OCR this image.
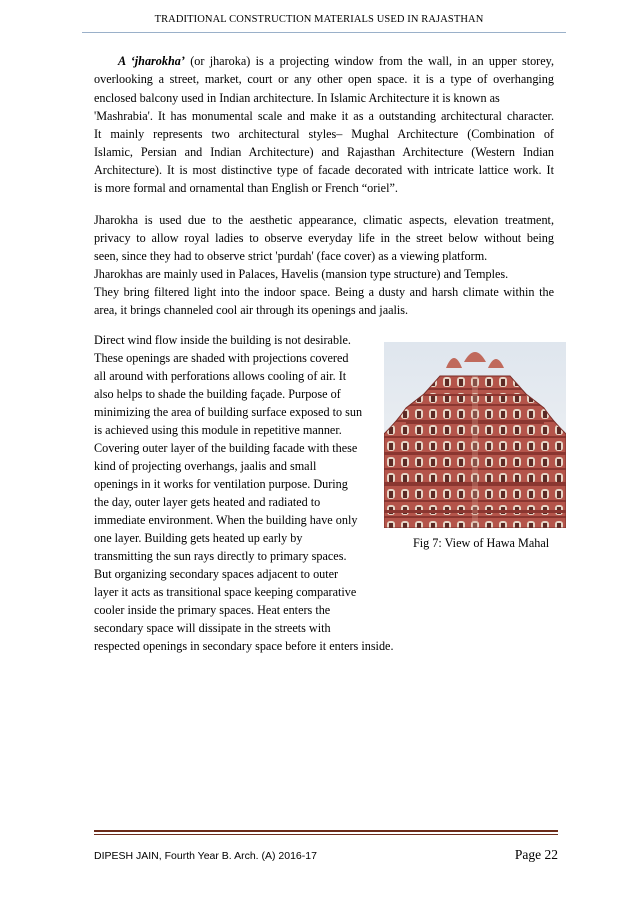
TRADITIONAL CONSTRUCTION MATERIALS USED IN RAJASTHAN
A ‘jharokha’ (or jharoka) is a projecting window from the wall, in an upper storey,
overlooking a street, market, court or any other open space. it is a type of overhanging
enclosed balcony used in Indian architecture. In Islamic Architecture it is known as
'Mashrabia'. It has monumental scale and make it as a outstanding architectural character.
It mainly represents two architectural styles– Mughal Architecture (Combination of
Islamic, Persian and Indian Architecture) and Rajasthan Architecture (Western Indian
Architecture). It is most distinctive type of facade decorated with intricate lattice work. It
is more formal and ornamental than English or French “oriel”.
Jharokha is used due to the aesthetic appearance, climatic aspects, elevation treatment,
privacy to allow royal ladies to observe everyday life in the street below without being
seen, since they had to observe strict 'purdah' (face cover) as a viewing platform.
Jharokhas are mainly used in Palaces, Havelis (mansion type structure) and Temples.
They bring filtered light into the indoor space. Being a dusty and harsh climate within the
area, it brings channeled cool air through its openings and jaalis.
Direct wind flow inside the building is not desirable.
These openings are shaded with projections covered
all around with perforations allows cooling of air. It
also helps to shade the building façade. Purpose of
minimizing the area of building surface exposed to sun
is achieved using this module in repetitive manner.
Covering outer layer of the building facade with these
kind of projecting overhangs, jaalis and small
openings in it works for ventilation purpose. During
the day, outer layer gets heated and radiated to
immediate environment. When the building have only
one layer. Building gets heated up early by
transmitting the sun rays directly to primary spaces.
But organizing secondary spaces adjacent to outer
layer it acts as transitional space keeping comparative
cooler inside the primary spaces. Heat enters the
secondary space will dissipate in the streets with
respected openings in secondary space before it enters inside.
Fig 7: View of Hawa Mahal
DIPESH JAIN, Fourth Year B. Arch. (A) 2016-17	Page 22
